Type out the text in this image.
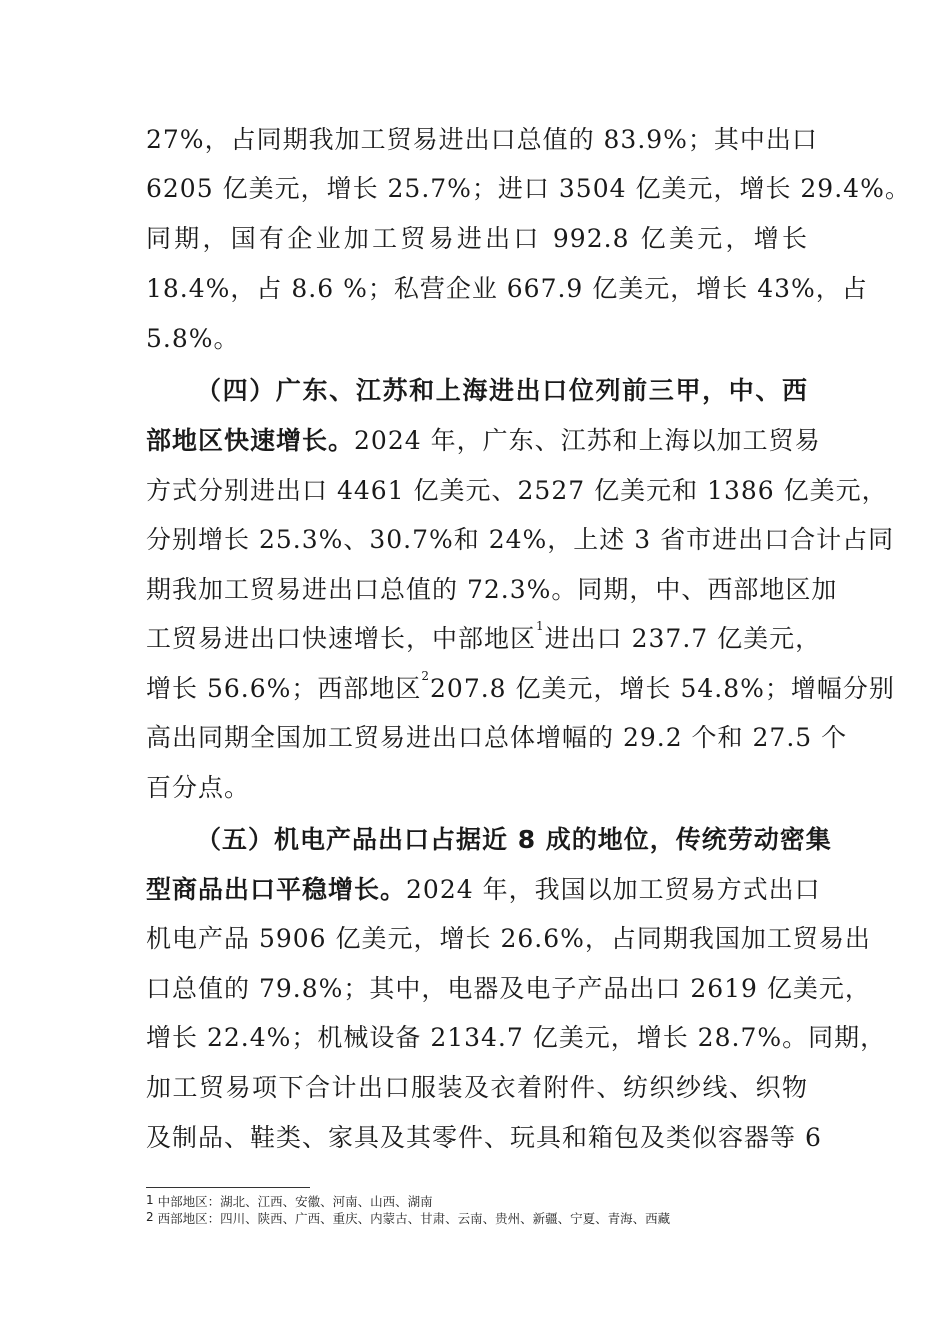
27%，占同期我加工贸易进出口总值的 83.9%；其中出口
6205 亿美元，增长 25.7%；进口 3504 亿美元，增长 29.4%。
同期，国有企业加工贸易进出口 992.8 亿美元，增长
18.4%，占 8.6 %；私营企业 667.9 亿美元，增长 43%，占
5.8%。
（四）广东、江苏和上海进出口位列前三甲，中、西
部地区快速增长。2024 年，广东、江苏和上海以加工贸易
方式分别进出口 4461 亿美元、2527 亿美元和 1386 亿美元，
分别增长 25.3%、30.7%和 24%，上述 3 省市进出口合计占同
期我加工贸易进出口总值的 72.3%。同期，中、西部地区加
工贸易进出口快速增长，中部地区$^1$进出口 237.7 亿美元，
增长 56.6%；西部地区$^2$207.8 亿美元，增长 54.8%；增幅分别
高出同期全国加工贸易进出口总体增幅的 29.2 个和 27.5 个
百分点。
（五）机电产品出口占据近 8 成的地位，传统劳动密集
型商品出口平稳增长。2024 年，我国以加工贸易方式出口
机电产品 5906 亿美元，增长 26.6%，占同期我国加工贸易出
口总值的 79.8%；其中，电器及电子产品出口 2619 亿美元，
增长 22.4%；机械设备 2134.7 亿美元，增长 28.7%。同期，
加工贸易项下合计出口服装及衣着附件、纺织纱线、织物
及制品、鞋类、家具及其零件、玩具和箱包及类似容器等 6
$^1$ 中部地区：湖北、江西、安徽、河南、山西、湖南
$^2$ 西部地区：四川、陕西、广西、重庆、内蒙古、甘肃、云南、贵州、新疆、宁夏、青海、西藏
